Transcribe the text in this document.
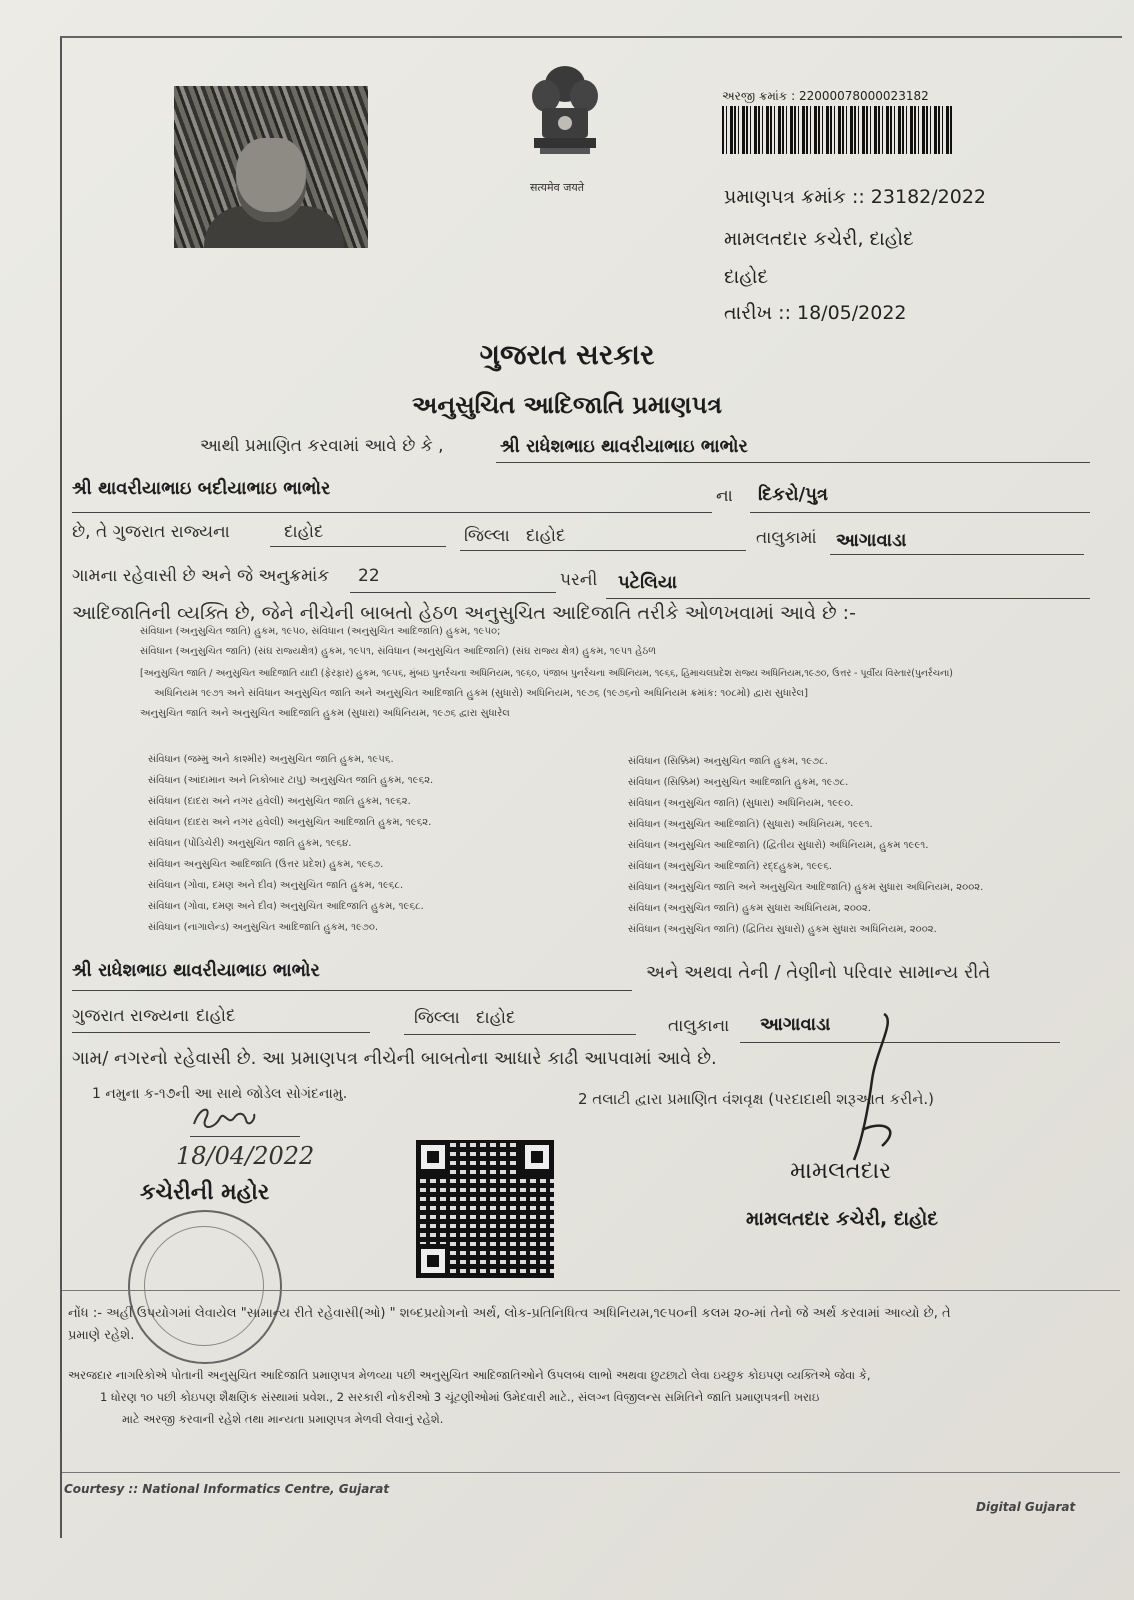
सत्यमेव जयते
અરજી ક્રમાંક : 22000078000023182
પ્રમાણપત્ર ક્રમાંક :: 23182/2022
મામલતદાર કચેરી, દાહોદ
દાહોદ
તારીખ :: 18/05/2022
ગુજરાત સરકાર
અનુસુચિત આદિજાતિ પ્રમાણપત્ર
આથી પ્રમાણિત કરવામાં આવે છે કે ,	શ્રી રાધેશભાઇ થાવરીયાભાઇ ભાભોર
શ્રી થાવરીયાભાઇ બદીયાભાઇ ભાભોર	ના દિકરો/પુત્ર
છે, તે ગુજરાત રાજ્યના	દાહોદ	જિલ્લા દાહોદ	તાલુકામાં આગાવાડા
ગામના રહેવાસી છે અને જે અનુક્રમાંક 22	પરની પટેલિયા
આદિજાતિની વ્યક્તિ છે, જેને નીચેની બાબતો હેઠળ અનુસુચિત આદિજાતિ તરીકે ઓળખવામાં આવે છે :-
સંવિધાન (અનુસુચિત જાતિ) હુકમ, ૧૯૫૦, સંવિધાન (અનુસુચિત આદિજાતિ) હુકમ, ૧૯૫૦;
સંવિધાન (અનુસુચિત જાતિ) (સંઘ રાજ્યક્ષેત્ર) હુકમ, ૧૯૫૧, સંવિધાન (અનુસુચિત આદિજાતિ) (સંઘ રાજ્ય ક્ષેત્ર) હુકમ, ૧૯૫૧ હેઠળ
[અનુસુચિત જાતિ / અનુસુચિત આદિજાતિ યાદી (ફેરફાર) હુકમ, ૧૯૫૬, મુંબઇ પુનર્રચના અધિનિયમ, ૧૯૬૦, પંજાબ પુનર્રચના અધિનિયમ, ૧૯૬૬, હિમાચલપ્રદેશ રાજ્ય અધિનિયમ,૧૯૭૦, ઉત્તર - પૂર્વીય વિસ્તાર(પુનર્રચના)
અધિનિયમ ૧૯૭૧ અને સંવિધાન અનુસુચિત જાતિ અને અનુસુચિત આદિજાતિ હુકમ (સુધારો) અધિનિયમ, ૧૯૭૬ (૧૯૭૬નો અધિનિયમ ક્રમાંક: ૧૦૮મો) દ્વારા સુધારેલ]
અનુસુચિત જાતિ અને અનુસુચિત આદિજાતિ હુકમ (સુધારા) અધિનિયમ, ૧૯૭૬ દ્વારા સુધારેલ
સંવિધાન (જમ્મુ અને કાશ્મીર) અનુસુચિત જાતિ હુકમ, ૧૯૫૬.
સંવિધાન (આંદામાન અને નિકોબાર ટાપુ) અનુસુચિત જાતિ હુકમ, ૧૯૬૨.
સંવિધાન (દાદરા અને નગર હવેલી) અનુસુચિત જાતિ હુકમ, ૧૯૬૨.
સંવિધાન (દાદરા અને નગર હવેલી) અનુસુચિત આદિજાતિ હુકમ, ૧૯૬૨.
સંવિધાન (પોંડિચેરી) અનુસુચિત જાતિ હુકમ, ૧૯૬૪.
સંવિધાન અનુસુચિત આદિજાતિ (ઉત્તર પ્રદેશ) હુકમ, ૧૯૬૭.
સંવિધાન (ગોવા, દમણ અને દીવ) અનુસુચિત જાતિ હુકમ, ૧૯૬૮.
સંવિધાન (ગોવા, દમણ અને દીવ) અનુસુચિત આદિજાતિ હુકમ, ૧૯૬૮.
સંવિધાન (નાગાલેન્ડ) અનુસુચિત આદિજાતિ હુકમ, ૧૯૭૦.
સંવિધાન (સિક્કિમ) અનુસુચિત જાતિ હુકમ, ૧૯૭૮.
સંવિધાન (સિક્કિમ) અનુસુચિત આદિજાતિ હુકમ, ૧૯૭૮.
સંવિધાન (અનુસુચિત જાતિ) (સુધારા) અધિનિયમ, ૧૯૯૦.
સંવિધાન (અનુસુચિત આદિજાતિ) (સુધારા) અધિનિયમ, ૧૯૯૧.
સંવિધાન (અનુસુચિત આદિજાતિ) (દ્વિતીય સુધારો) અધિનિયમ, હુકમ ૧૯૯૧.
સંવિધાન (અનુસુચિત આદિજાતિ) રદ્દહુકમ, ૧૯૯૬.
સંવિધાન (અનુસુચિત જાતિ અને અનુસુચિત આદિજાતિ) હુકમ સુધારા અધિનિયમ, ૨૦૦૨.
સંવિધાન (અનુસુચિત જાતિ) હુકમ સુધારા અધિનિયમ, ૨૦૦૨.
સંવિધાન (અનુસુચિત જાતિ) (દ્વિતિય સુધારો) હુકમ સુધારા અધિનિયમ, ૨૦૦૨.
શ્રી રાધેશભાઇ થાવરીયાભાઇ ભાભોર	અને અથવા તેની / તેણીનો પરિવાર સામાન્ય રીતે
ગુજરાત રાજ્યના દાહોદ	જિલ્લા દાહોદ	તાલુકાના આગાવાડા
ગામ/ નગરનો રહેવાસી છે. આ પ્રમાણપત્ર નીચેની બાબતોના આધારે કાઢી આપવામાં આવે છે.
1 નમુના ક-૧૭ની આ સાથે જોડેલ સોગંદનામુ.	2 તલાટી દ્વારા પ્રમાણિત વંશવૃક્ષ (પરદાદાથી શરૂઆત કરીને.)
18/04/2022
કચેરીની મહોર
મામલતદાર
મામલતદાર કચેરી, દાહોદ
નોંધ :- અહીં ઉપયોગમાં લેવાયેલ "સામાન્ય રીતે રહેવાસી(ઓ) " શબ્દપ્રયોગનો અર્થ, લોક-પ્રતિનિધિત્વ અધિનિયમ,૧૯૫૦ની કલમ ૨૦-માં તેનો જે અર્થ કરવામાં આવ્યો છે, તે
પ્રમાણે રહેશે.
અરજદાર નાગરિકોએ પોતાની અનુસુચિત આદિજાતિ પ્રમાણપત્ર મેળવ્યા પછી અનુસુચિત આદિજાતિઓને ઉપલબ્ધ લાભો અથવા છુટછાટો લેવા ઇચ્છુક કોઇપણ વ્યક્તિએ જેવા કે,
1 ધોરણ ૧૦ પછી કોઇપણ શૈક્ષણિક સંસ્થામાં પ્રવેશ., 2 સરકારી નોકરીઓ 3 ચૂંટણીઓમાં ઉમેદવારી માટે., સંલગ્ન વિજીલન્સ સમિતિને જાતિ પ્રમાણપત્રની ખરાઇ
માટે અરજી કરવાની રહેશે તથા માન્યતા પ્રમાણપત્ર મેળવી લેવાનું રહેશે.
Courtesy :: National Informatics Centre, Gujarat
Digital Gujarat
